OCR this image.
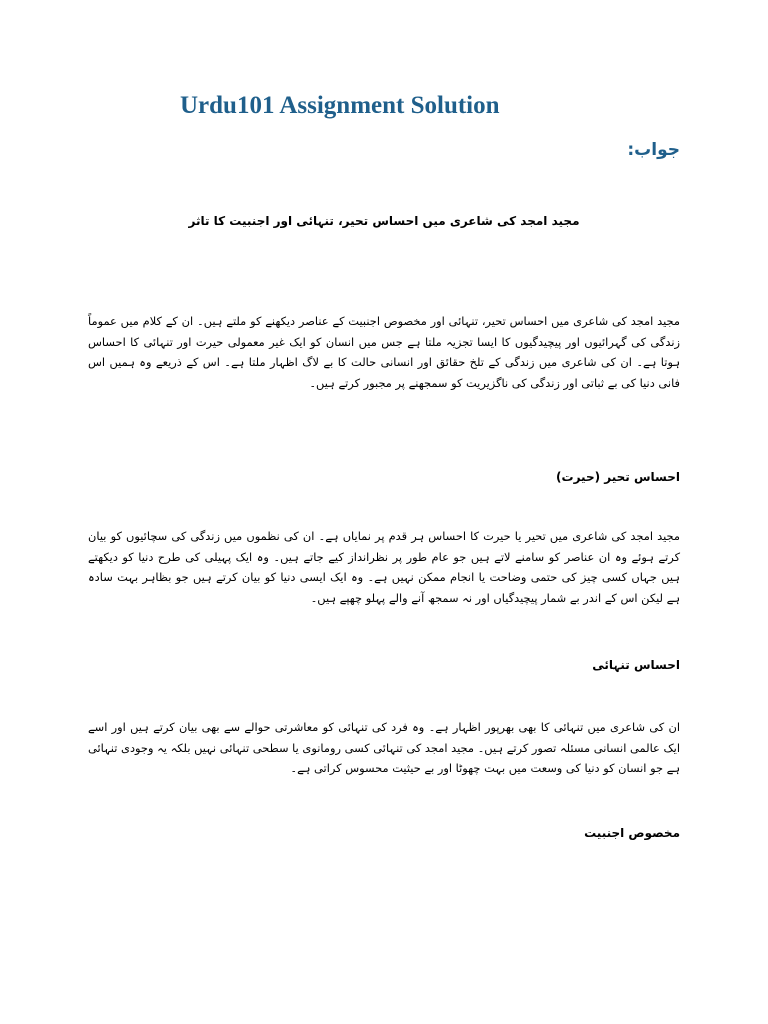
Urdu101 Assignment Solution
جواب:
مجید امجد کی شاعری میں احساس تحیر، تنہائی اور اجنبیت کا تاثر
مجید امجد کی شاعری میں احساس تحیر، تنہائی اور مخصوص اجنبیت کے عناصر دیکھنے کو ملتے ہیں۔ ان کے کلام میں عموماً زندگی کی گہرائیوں اور پیچیدگیوں کا ایسا تجزیہ ملتا ہے جس میں انسان کو ایک غیر معمولی حیرت اور تنہائی کا احساس ہوتا ہے۔ ان کی شاعری میں زندگی کے تلخ حقائق اور انسانی حالت کا بے لاگ اظہار ملتا ہے۔ اس کے ذریعے وہ ہمیں اس فانی دنیا کی بے ثباتی اور زندگی کی ناگزیریت کو سمجھنے پر مجبور کرتے ہیں۔
احساس تحیر (حیرت)
مجید امجد کی شاعری میں تحیر یا حیرت کا احساس ہر قدم پر نمایاں ہے۔ ان کی نظموں میں زندگی کی سچائیوں کو بیان کرتے ہوئے وہ ان عناصر کو سامنے لاتے ہیں جو عام طور پر نظرانداز کیے جاتے ہیں۔ وہ ایک پہیلی کی طرح دنیا کو دیکھتے ہیں جہاں کسی چیز کی حتمی وضاحت یا انجام ممکن نہیں ہے۔ وہ ایک ایسی دنیا کو بیان کرتے ہیں جو بظاہر بہت سادہ ہے لیکن اس کے اندر بے شمار پیچیدگیاں اور نہ سمجھ آنے والے پہلو چھپے ہیں۔
احساس تنہائی
ان کی شاعری میں تنہائی کا بھی بھرپور اظہار ہے۔ وہ فرد کی تنہائی کو معاشرتی حوالے سے بھی بیان کرتے ہیں اور اسے ایک عالمی انسانی مسئلہ تصور کرتے ہیں۔ مجید امجد کی تنہائی کسی رومانوی یا سطحی تنہائی نہیں بلکہ یہ وجودی تنہائی ہے جو انسان کو دنیا کی وسعت میں بہت چھوٹا اور بے حیثیت محسوس کراتی ہے۔
مخصوص اجنبیت
